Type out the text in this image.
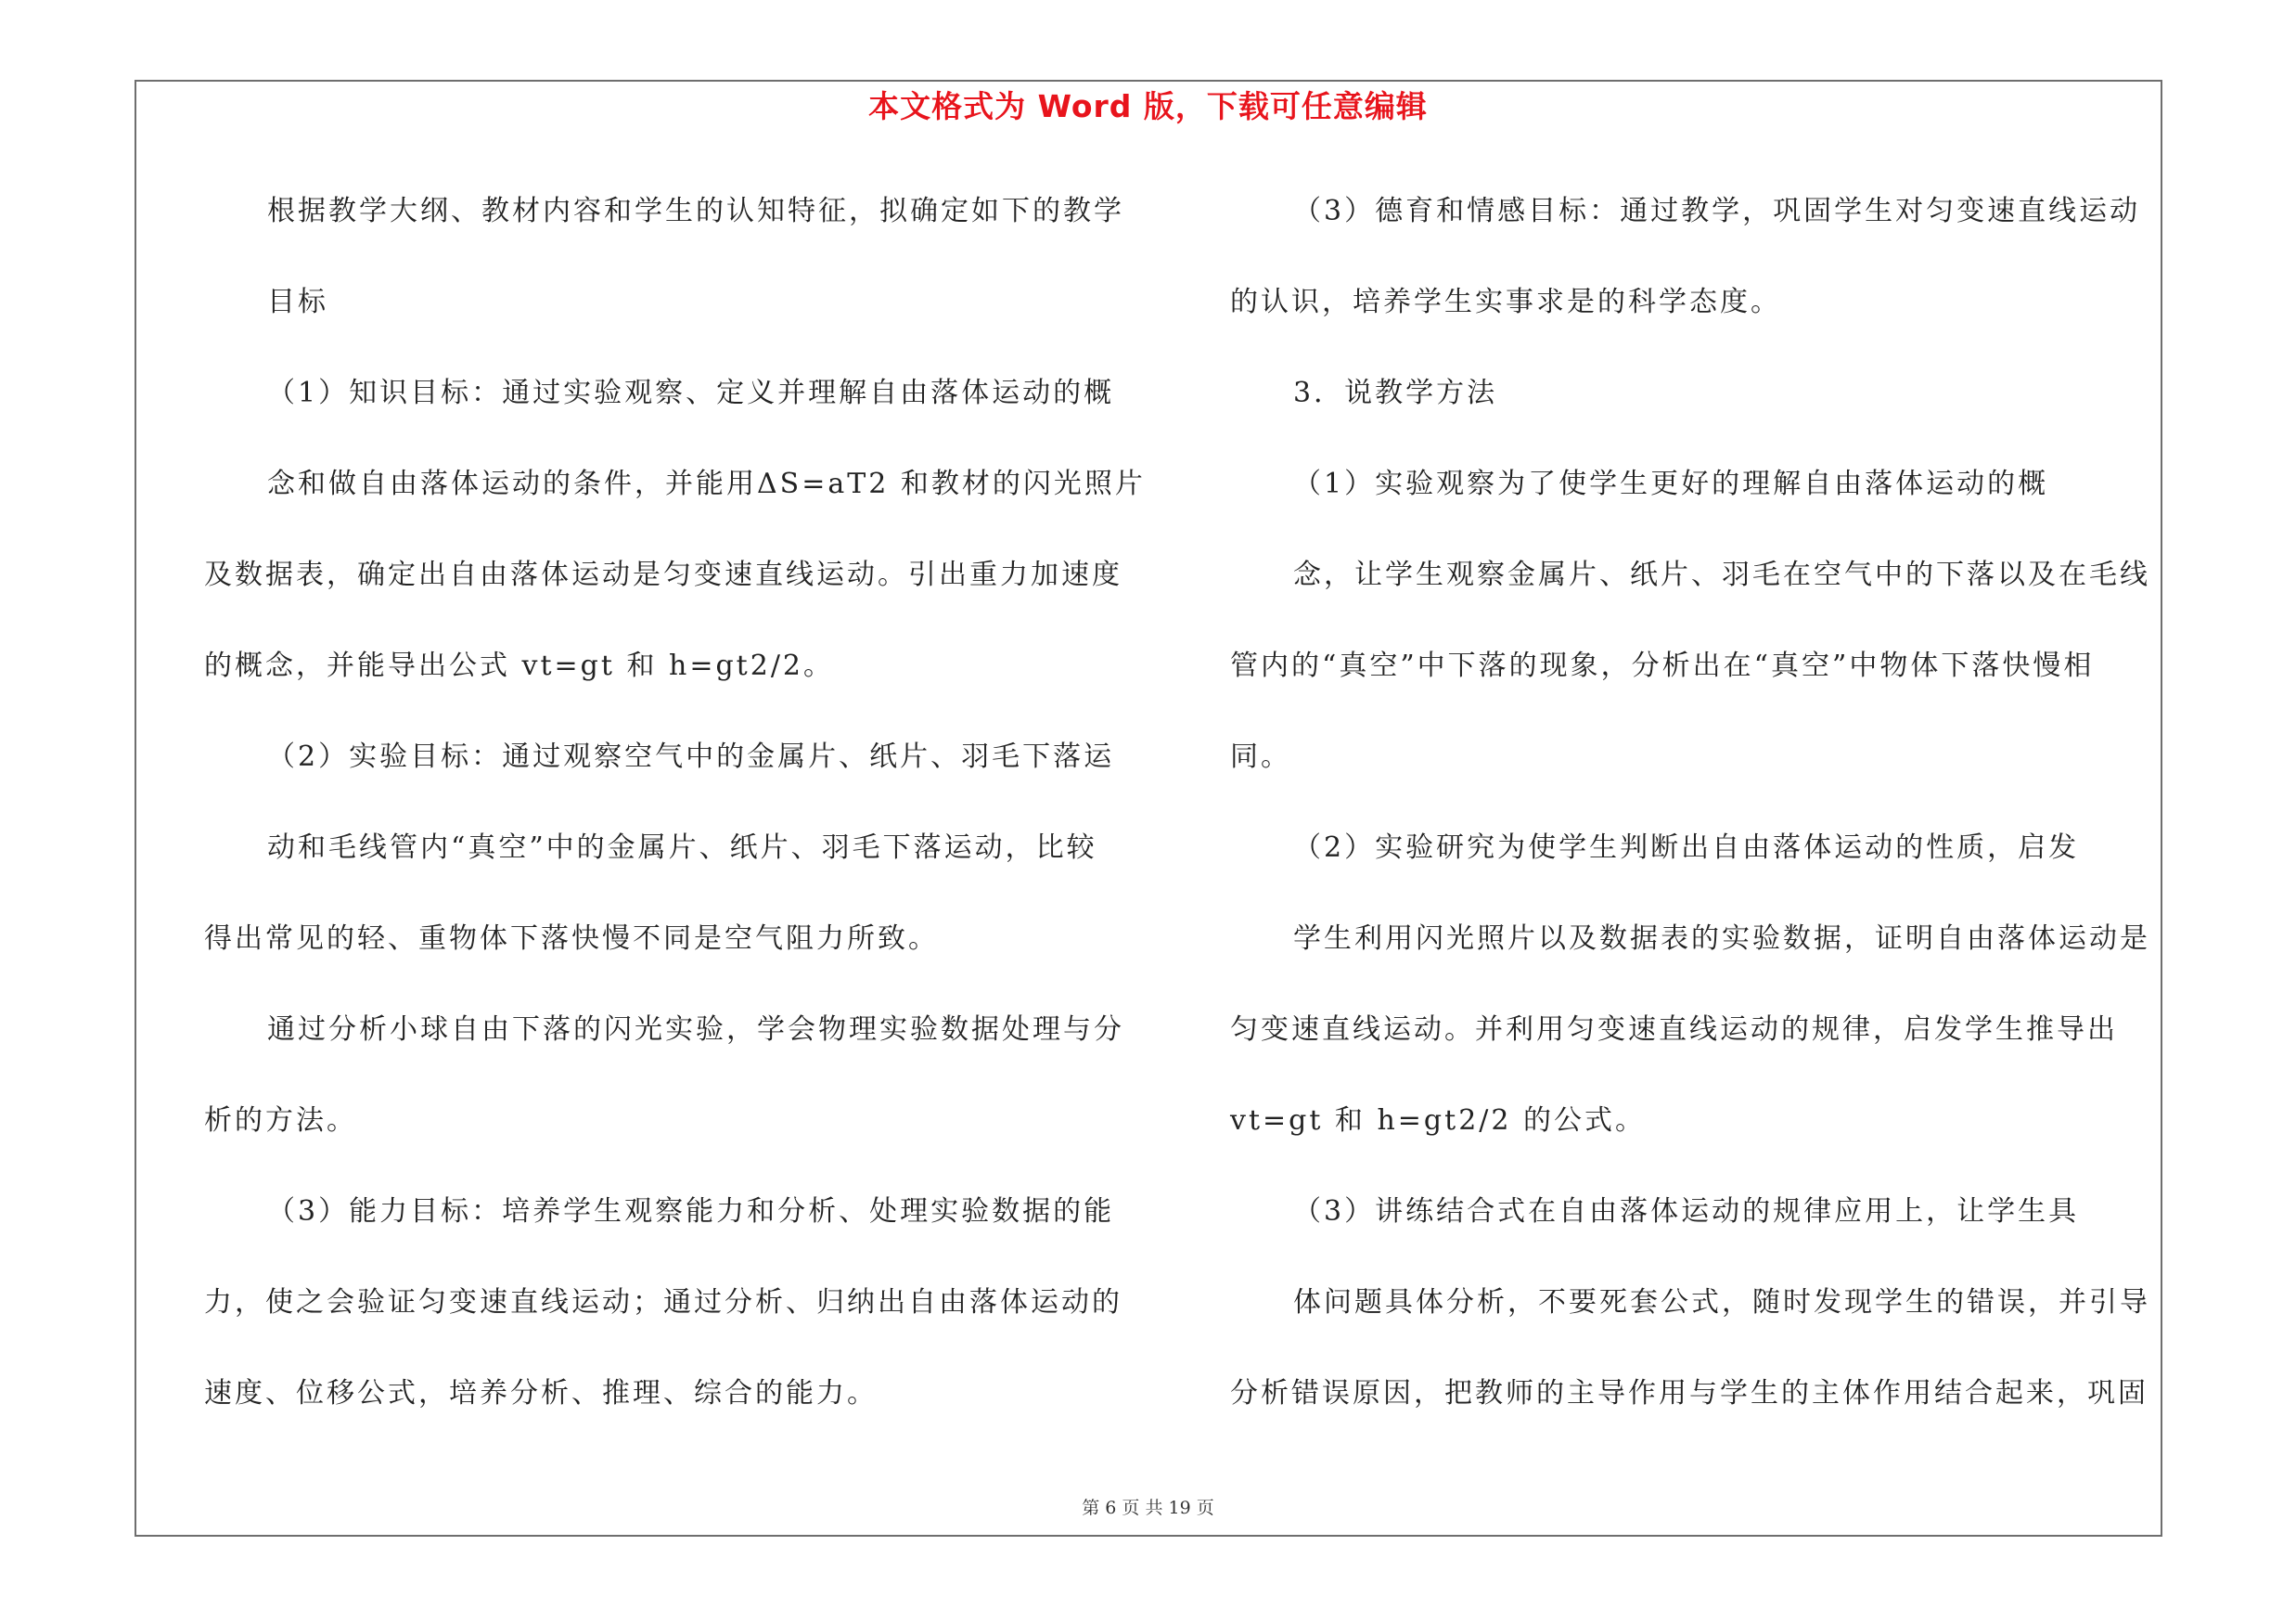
本文格式为 Word 版，下载可任意编辑
根据教学大纲、教材内容和学生的认知特征，拟确定如下的教学
目标
（1）知识目标：通过实验观察、定义并理解自由落体运动的概
念和做自由落体运动的条件，并能用ΔS=aT2 和教材的闪光照片
及数据表，确定出自由落体运动是匀变速直线运动。引出重力加速度
的概念，并能导出公式 vt=gt 和 h=gt2/2。
（2）实验目标：通过观察空气中的金属片、纸片、羽毛下落运
动和毛线管内“真空”中的金属片、纸片、羽毛下落运动，比较
得出常见的轻、重物体下落快慢不同是空气阻力所致。
通过分析小球自由下落的闪光实验，学会物理实验数据处理与分
析的方法。
（3）能力目标：培养学生观察能力和分析、处理实验数据的能
力，使之会验证匀变速直线运动；通过分析、归纳出自由落体运动的
速度、位移公式，培养分析、推理、综合的能力。
（3）德育和情感目标：通过教学，巩固学生对匀变速直线运动
的认识，培养学生实事求是的科学态度。
3．说教学方法
（1）实验观察为了使学生更好的理解自由落体运动的概
念，让学生观察金属片、纸片、羽毛在空气中的下落以及在毛线
管内的“真空”中下落的现象，分析出在“真空”中物体下落快慢相
同。
（2）实验研究为使学生判断出自由落体运动的性质，启发
学生利用闪光照片以及数据表的实验数据，证明自由落体运动是
匀变速直线运动。并利用匀变速直线运动的规律，启发学生推导出
vt=gt 和 h=gt2/2 的公式。
（3）讲练结合式在自由落体运动的规律应用上，让学生具
体问题具体分析，不要死套公式，随时发现学生的错误，并引导
分析错误原因，把教师的主导作用与学生的主体作用结合起来，巩固
第 6 页 共 19 页
